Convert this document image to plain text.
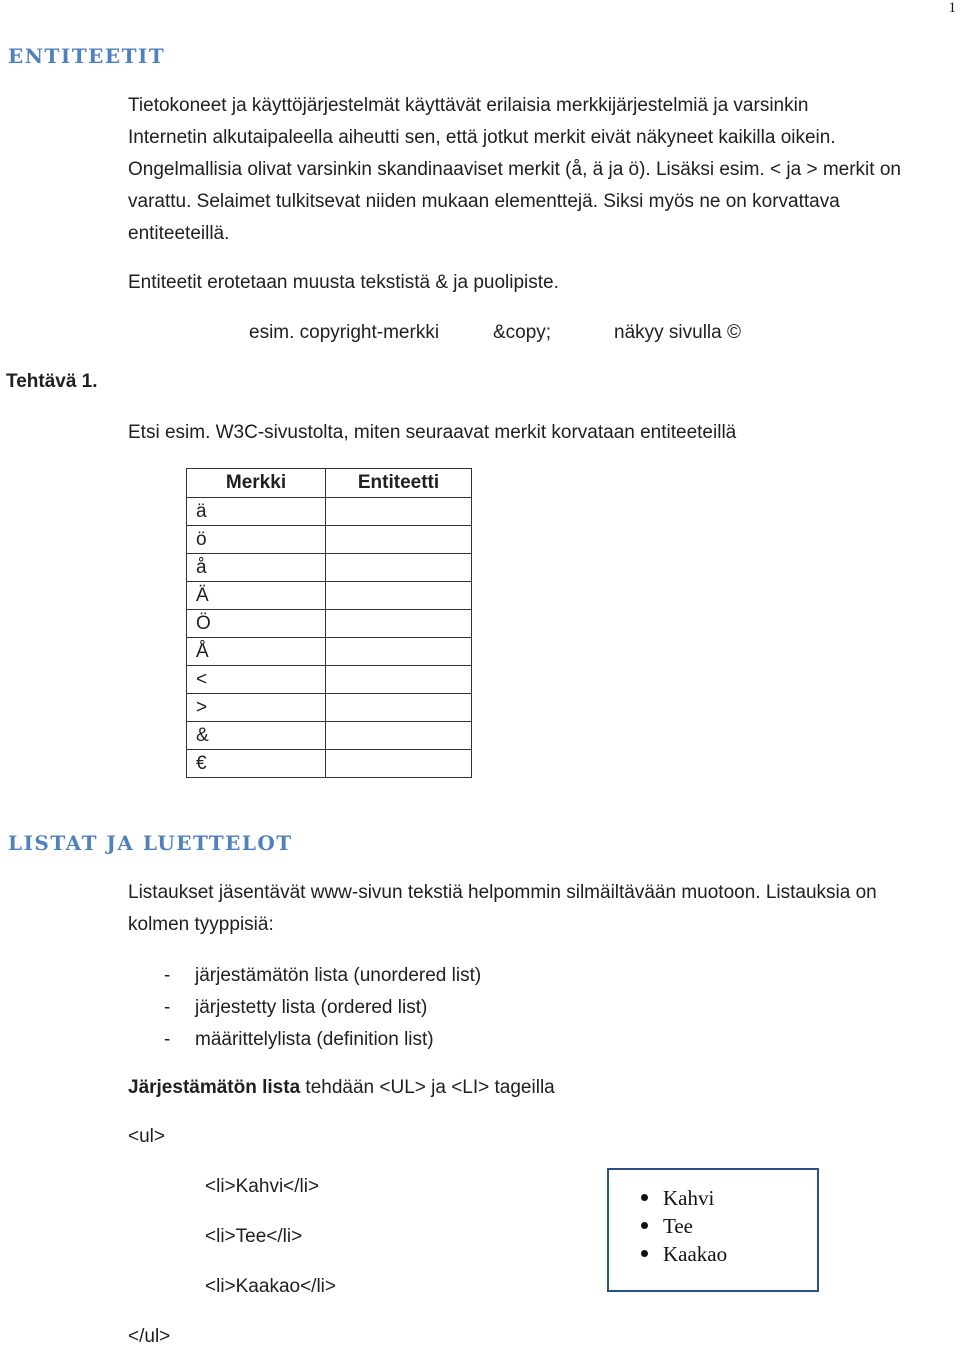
1
ENTITEETIT
Tietokoneet ja käyttöjärjestelmät käyttävät erilaisia merkkijärjestelmiä ja varsinkin
Internetin alkutaipaleella aiheutti sen, että jotkut merkit eivät näkyneet kaikilla oikein.
Ongelmallisia olivat varsinkin skandinaaviset merkit (å, ä ja ö). Lisäksi esim. < ja > merkit on
varattu. Selaimet tulkitsevat niiden mukaan elementtejä. Siksi myös ne on korvattava
entiteeteillä.
Entiteetit erotetaan muusta tekstistä & ja puolipiste.
esim. copyright-merkki	&copy;	näkyy sivulla ©
Tehtävä 1.
Etsi esim. W3C-sivustolta, miten seuraavat merkit korvataan entiteeteillä
Merkki	Entiteetti
ä	
ö	
å	
Ä	
Ö	
Å	
<	
>	
&	
€	
LISTAT JA LUETTELOT
Listaukset jäsentävät www-sivun tekstiä helpommin silmäiltävään muotoon. Listauksia on
kolmen tyyppisiä:
- järjestämätön lista (unordered list)
- järjestetty lista (ordered list)
- määrittelylista (definition list)
Järjestämätön lista tehdään <UL> ja <LI> tageilla
<ul>
<li>Kahvi</li>
<li>Tee</li>
<li>Kaakao</li>
</ul>
Kahvi
Tee
Kaakao
